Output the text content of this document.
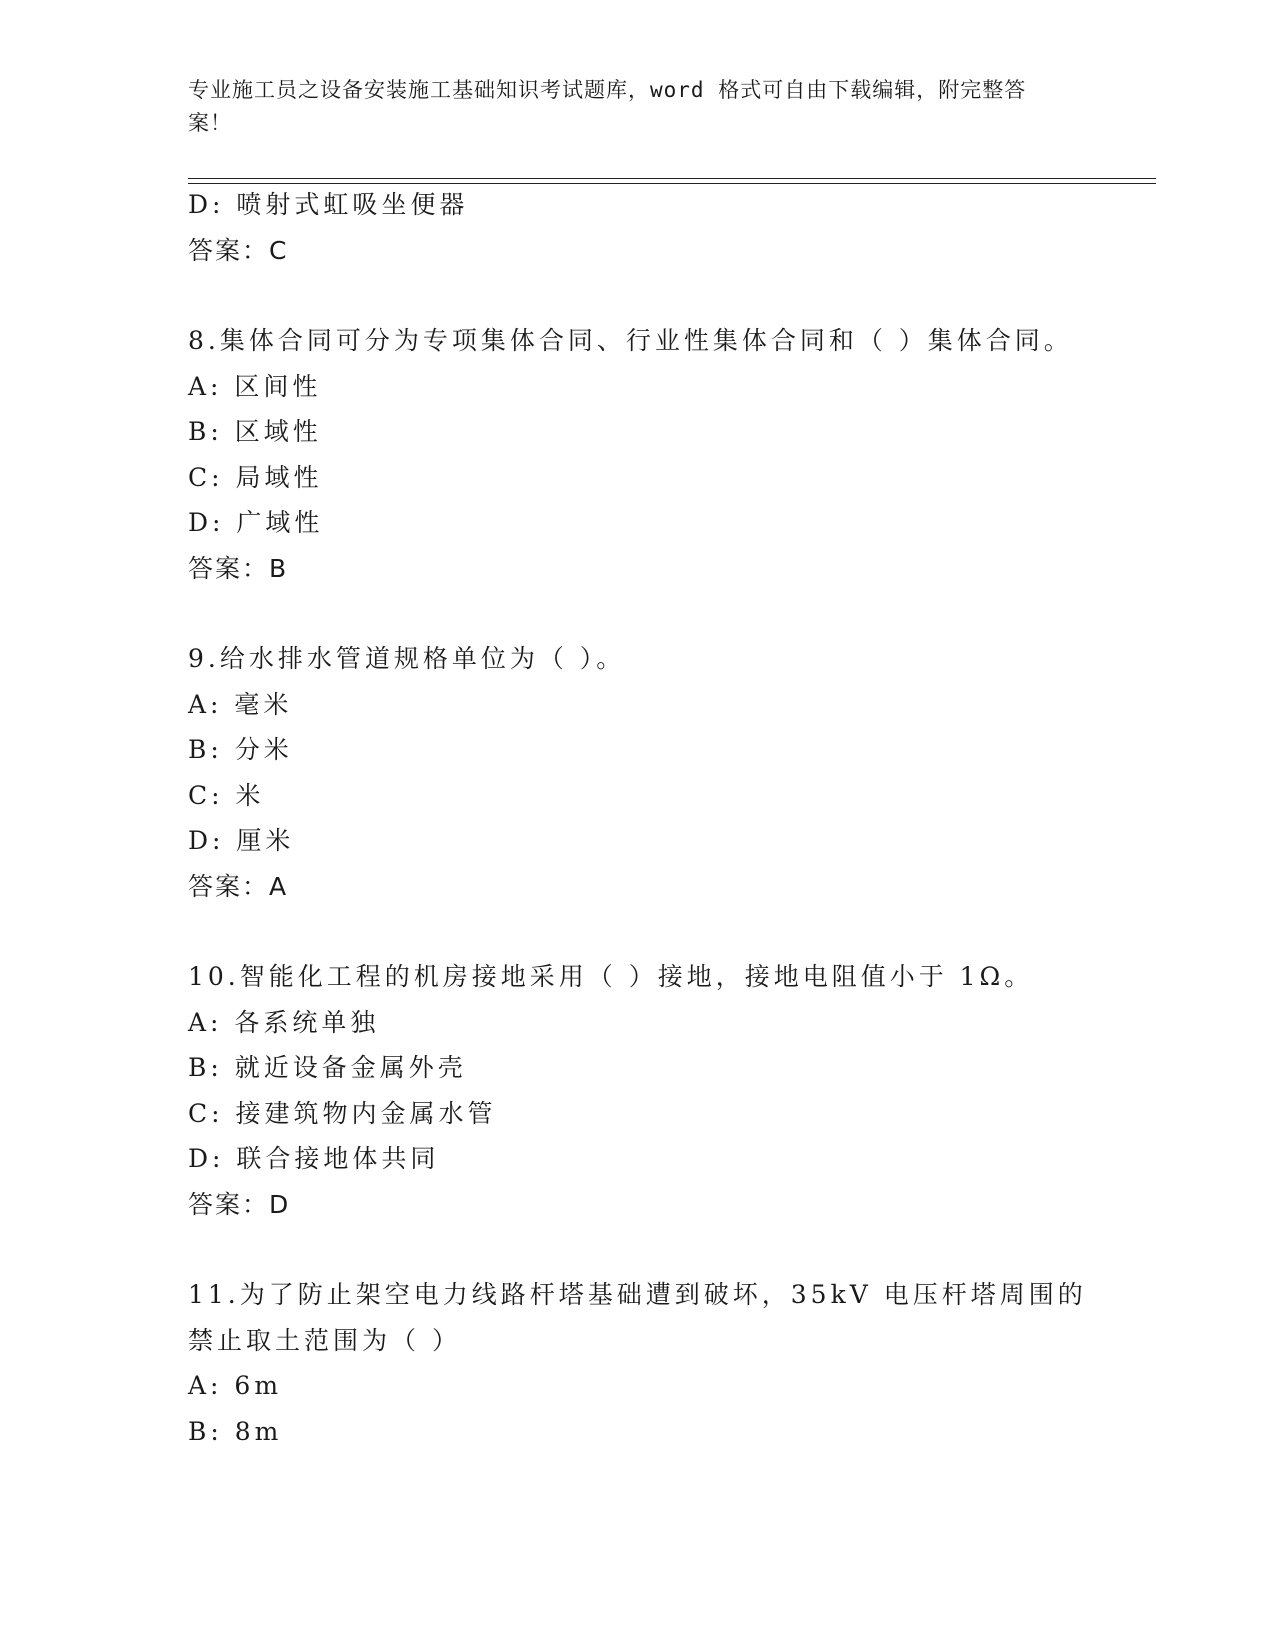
专业施工员之设备安装施工基础知识考试题库，word 格式可自由下载编辑，附完整答案！
D: 喷射式虹吸坐便器
答案：C
8.集体合同可分为专项集体合同、行业性集体合同和（ ）集体合同。
A: 区间性
B: 区域性
C: 局域性
D: 广域性
答案：B
9.给水排水管道规格单位为（ ）。
A: 毫米
B: 分米
C: 米
D: 厘米
答案：A
10.智能化工程的机房接地采用（ ）接地，接地电阻值小于 1Ω。
A: 各系统单独
B: 就近设备金属外壳
C: 接建筑物内金属水管
D: 联合接地体共同
答案：D
11.为了防止架空电力线路杆塔基础遭到破坏，35kV 电压杆塔周围的禁止取土范围为（ ）
A: 6m
B: 8m
